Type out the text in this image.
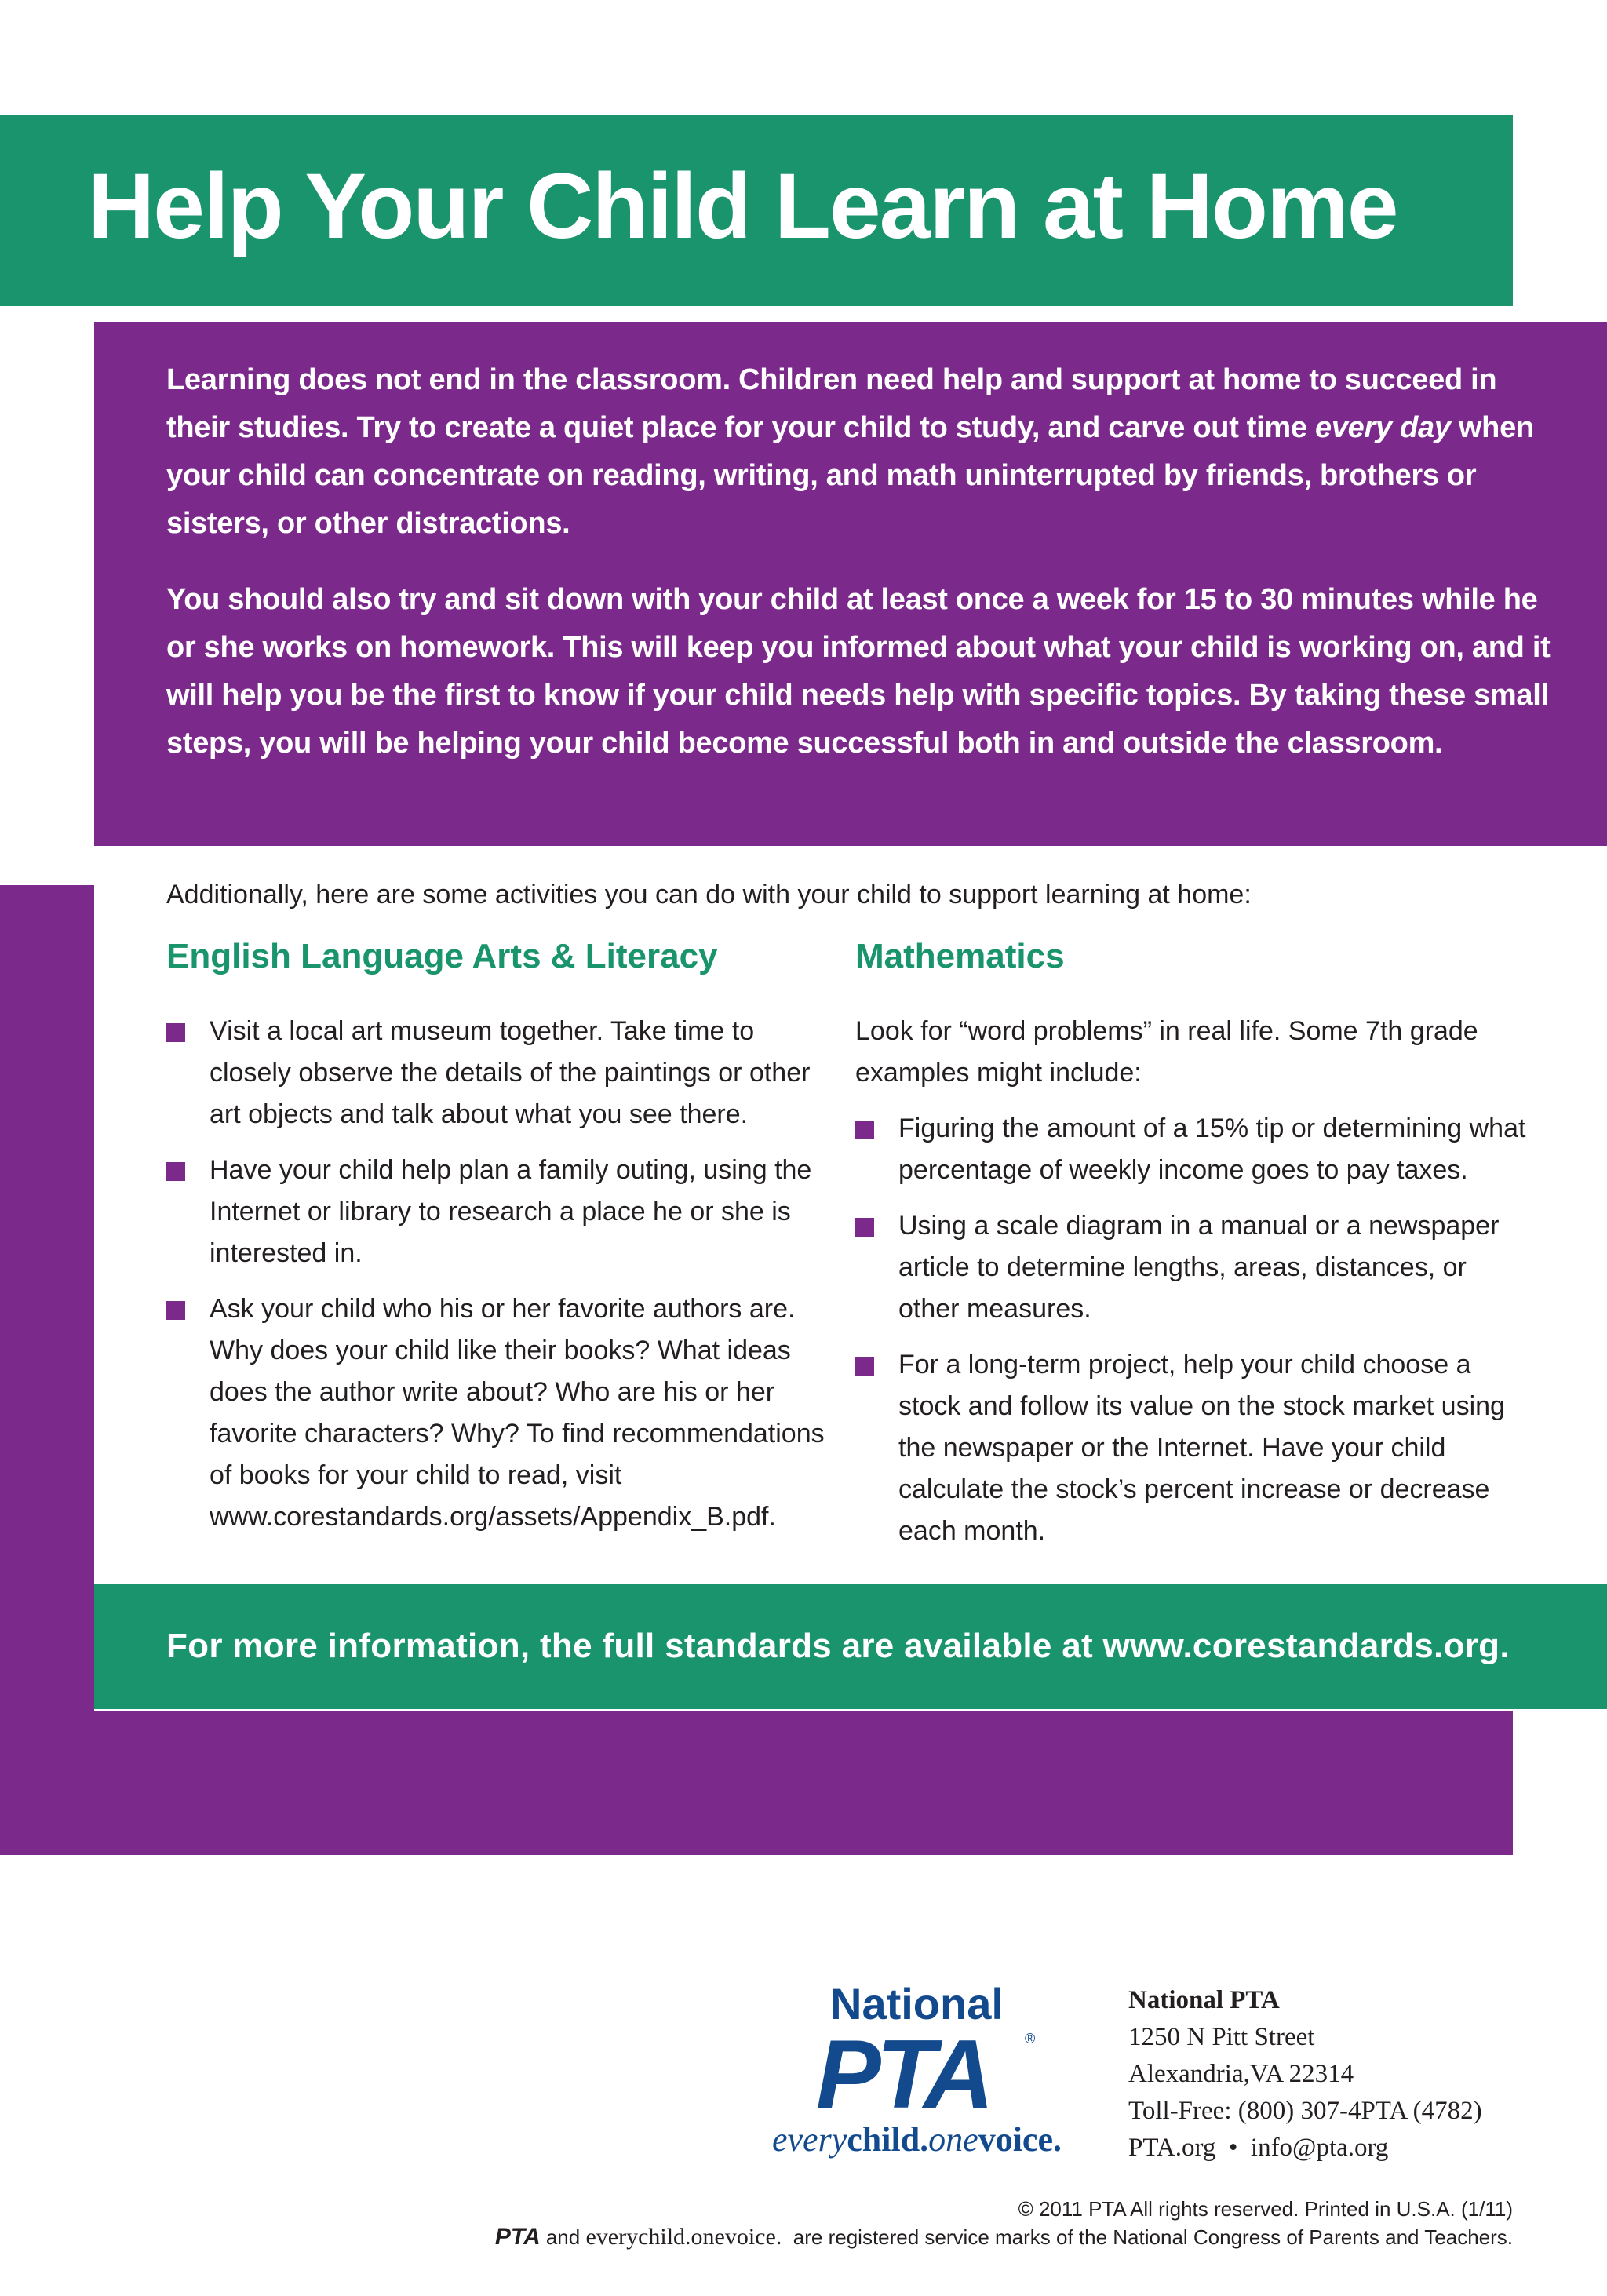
Help Your Child Learn at Home

Learning does not end in the classroom. Children need help and support at home to succeed in their studies. Try to create a quiet place for your child to study, and carve out time every day when your child can concentrate on reading, writing, and math uninterrupted by friends, brothers or sisters, or other distractions.

You should also try and sit down with your child at least once a week for 15 to 30 minutes while he or she works on homework. This will keep you informed about what your child is working on, and it will help you be the first to know if your child needs help with specific topics. By taking these small steps, you will be helping your child become successful both in and outside the classroom.

Additionally, here are some activities you can do with your child to support learning at home:
English Language Arts & Literacy
Visit a local art museum together. Take time to closely observe the details of the paintings or other art objects and talk about what you see there.
Have your child help plan a family outing, using the Internet or library to research a place he or she is interested in.
Ask your child who his or her favorite authors are. Why does your child like their books? What ideas does the author write about? Who are his or her favorite characters? Why? To find recommendations of books for your child to read, visit www.corestandards.org/assets/Appendix_B.pdf.
Mathematics

Look for “word problems” in real life. Some 7th grade examples might include:

Figuring the amount of a 15% tip or determining what percentage of weekly income goes to pay taxes.
Using a scale diagram in a manual or a newspaper article to determine lengths, areas, distances, or other measures.
For a long-term project, help your child choose a stock and follow its value on the stock market using the newspaper or the Internet. Have your child calculate the stock’s percent increase or decrease each month.
For more information, the full standards are available at www.corestandards.org.
National
PTA	®
everychild.onevoice.
National PTA
1250 N Pitt Street
Alexandria,VA 22314
Toll-Free: (800) 307-4PTA (4782)
PTA.org  •  info@pta.org
© 2011 PTA All rights reserved. Printed in U.S.A. (1/11)
PTA and everychild.onevoice.  are registered service marks of the National Congress of Parents and Teachers.
